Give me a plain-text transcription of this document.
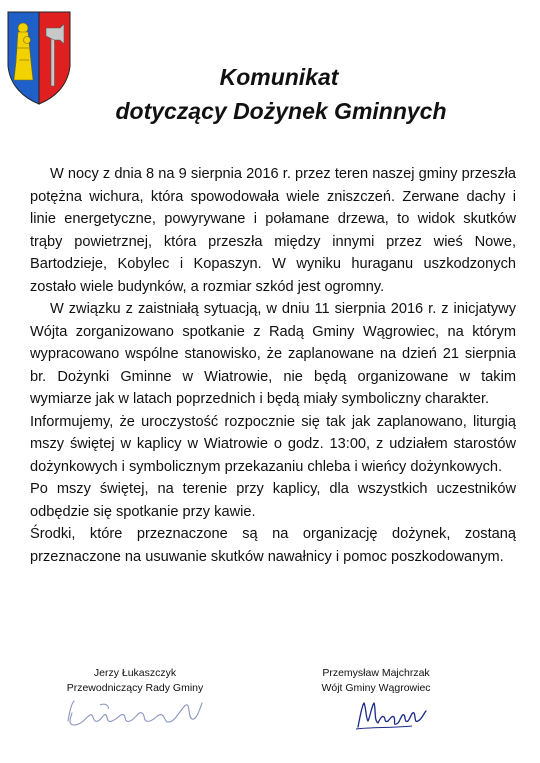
Komunikat
dotyczący Dożynek Gminnych

W nocy z dnia 8 na 9 sierpnia 2016 r. przez teren naszej gminy przeszła potężna wichura, która spowodowała wiele zniszczeń. Zerwane dachy i linie energetyczne, powyrywane i połamane drzewa, to widok skutków trąby powietrznej, która przeszła między innymi przez wieś Nowe, Bartodzieje, Kobylec i Kopaszyn. W wyniku huraganu uszkodzonych zostało wiele budynków, a rozmiar szkód jest ogromny.

W związku z zaistniałą sytuacją, w dniu 11 sierpnia 2016 r. z inicjatywy Wójta zorganizowano spotkanie z Radą Gminy Wągrowiec, na którym wypracowano wspólne stanowisko, że zaplanowane na dzień 21 sierpnia br. Dożynki Gminne w Wiatrowie, nie będą organizowane w takim wymiarze jak w latach poprzednich i będą miały symboliczny charakter.

Informujemy, że uroczystość rozpocznie się tak jak zaplanowano, liturgią mszy świętej w kaplicy w Wiatrowie o godz. 13:00, z udziałem starostów dożynkowych i symbolicznym przekazaniu chleba i wieńcy dożynkowych.

Po mszy świętej, na terenie przy kaplicy, dla wszystkich uczestników odbędzie się spotkanie przy kawie.

Środki, które przeznaczone są na organizację dożynek, zostaną przeznaczone na usuwanie skutków nawałnicy i pomoc poszkodowanym.

Jerzy Łukaszczyk
Przewodniczący Rady Gminy
Przemysław Majchrzak
Wójt Gminy Wągrowiec
